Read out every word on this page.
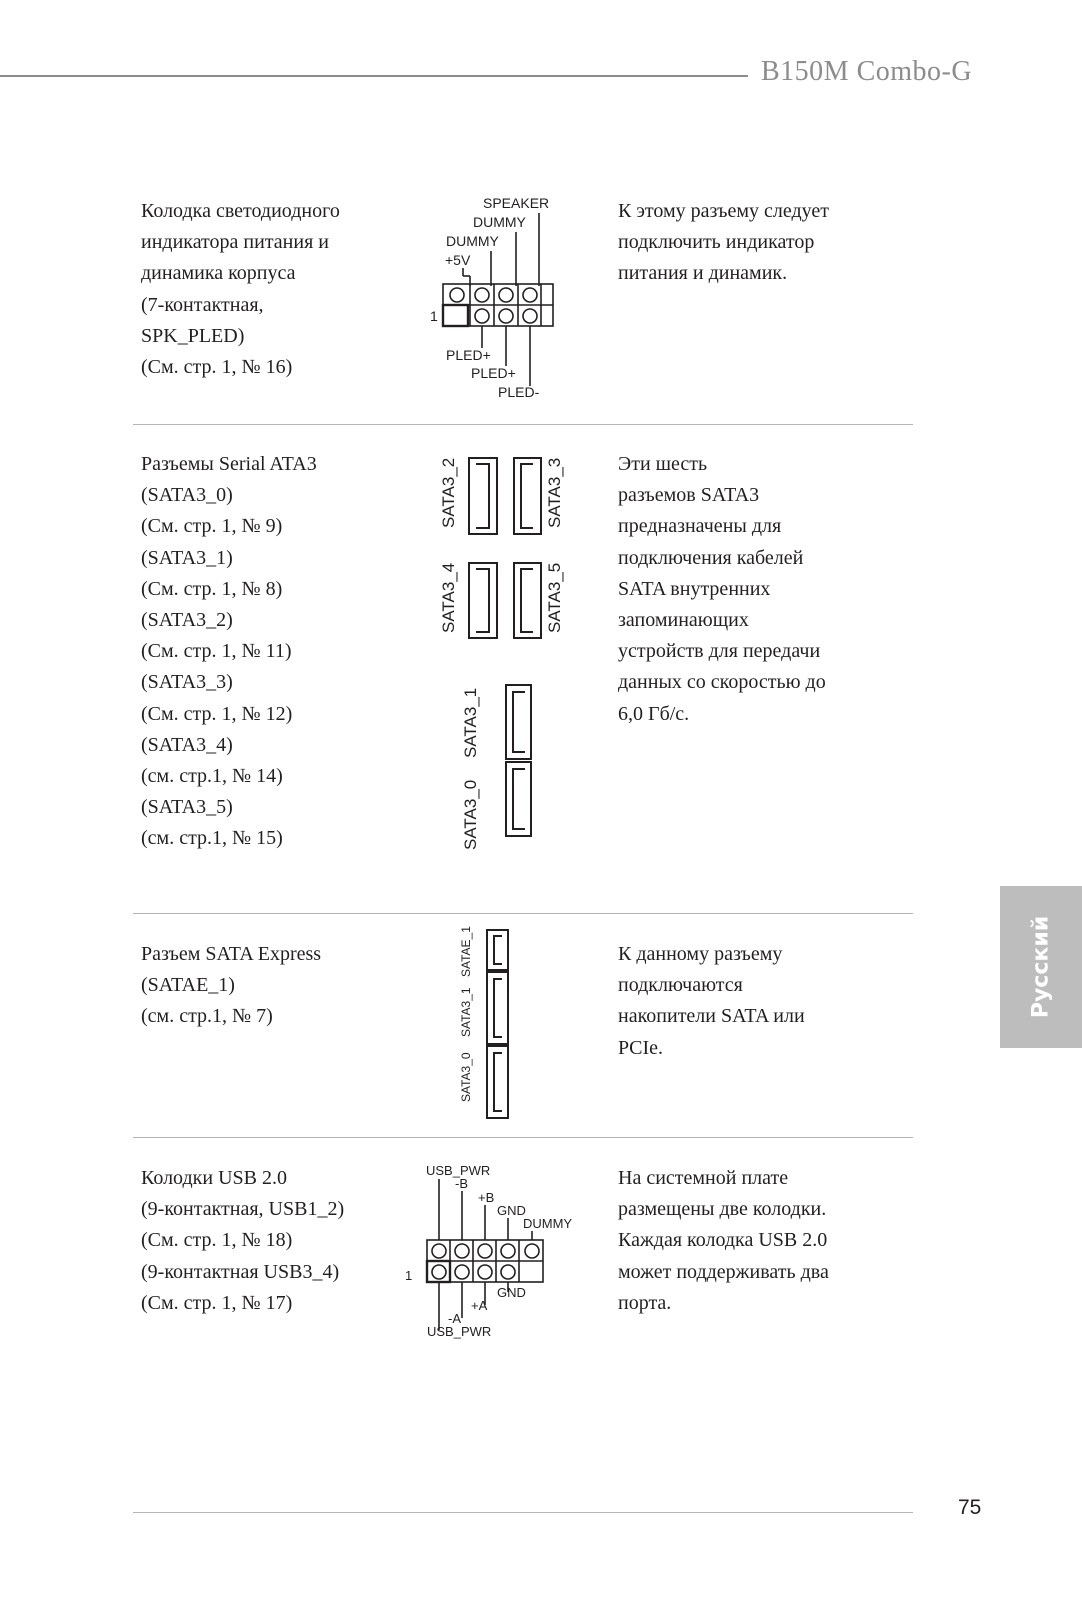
B150M Combo-G
Колодка светодиодного
индикатора питания и
динамика корпуса
(7-контактная,
SPK_PLED)
(См. стр. 1, № 16)
SPEAKER
DUMMY
DUMMY
+5V
1
PLED+
PLED+
PLED-
К этому разъему следует
подключить индикатор
питания и динамик.
Разъемы Serial ATA3
(SATA3_0)
(См. стр. 1, № 9)
(SATA3_1)
(См. стр. 1, № 8)
(SATA3_2)
(См. стр. 1, № 11)
(SATA3_3)
(См. стр. 1, № 12)
(SATA3_4)
(см. стр.1, № 14)
(SATA3_5)
(см. стр.1, № 15)
SATA3_2	SATA3_3
SATA3_4	SATA3_5
SATA3_1
SATA3_0
Эти шесть
разъемов SATA3
предназначены для
подключения кабелей
SATA внутренних
запоминающих
устройств для передачи
данных со скоростью до
6,0 Гб/с.
Разъем SATA Express
(SATAE_1)
(см. стр.1, № 7)
SATAE_1
SATA3_1
SATA3_0
К данному разъему
подключаются
накопители SATA или
PCIe.
Колодки USB 2.0
(9-контактная, USB1_2)
(См. стр. 1, № 18)
(9-контактная USB3_4)
(См. стр. 1, № 17)
USB_PWR
-B
+B
GND
DUMMY
1
GND
+A
-A
USB_PWR
На системной плате
размещены две колодки.
Каждая колодка USB 2.0
может поддерживать два
порта.
Русский
75
